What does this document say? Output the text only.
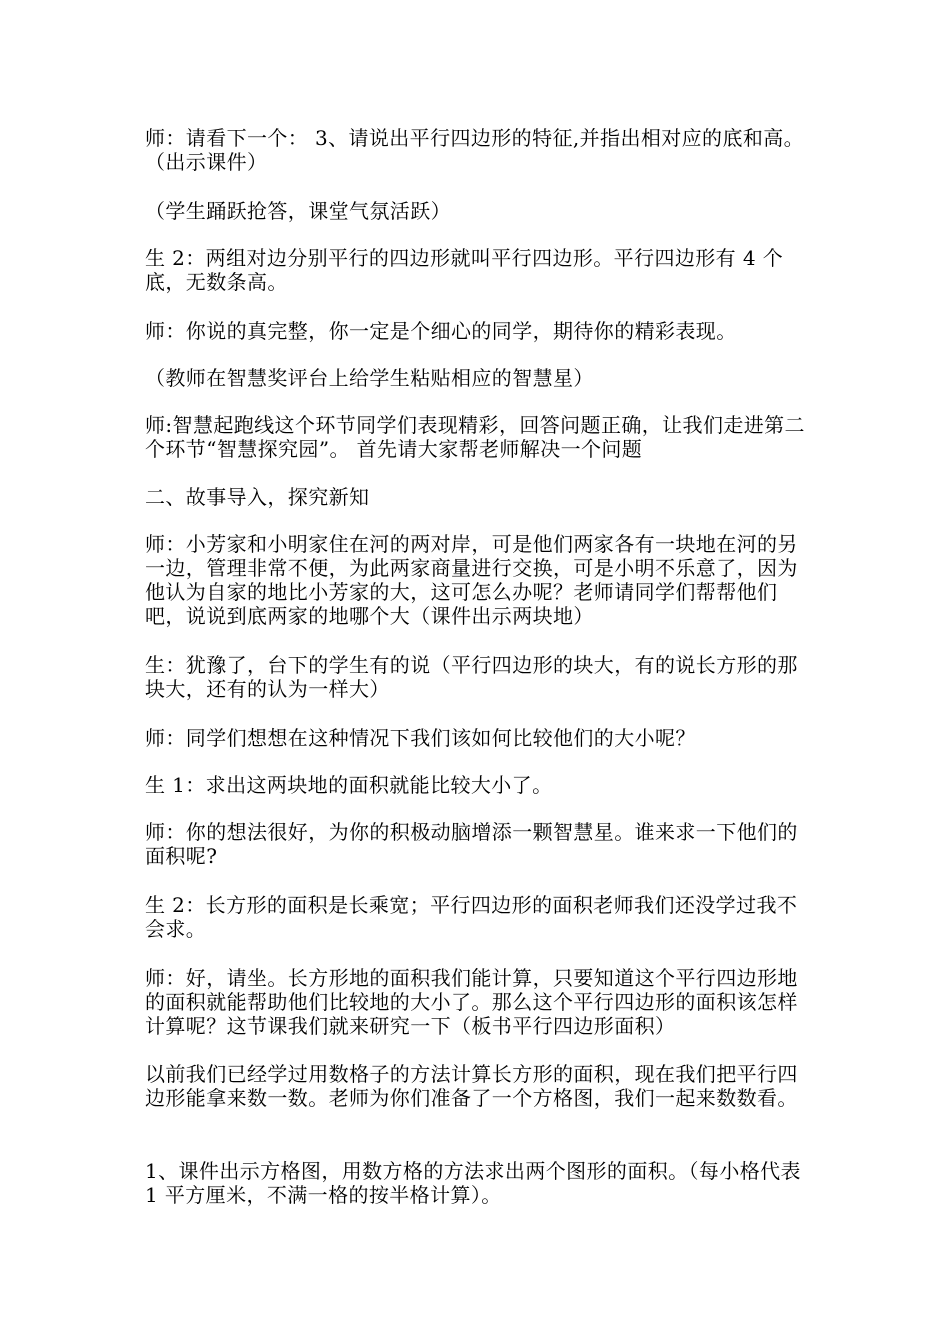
师：请看下一个： 3、请说出平行四边形的特征,并指出相对应的底和高。（出示课件）

（学生踊跃抢答，课堂气氛活跃）

生 2：两组对边分别平行的四边形就叫平行四边形。平行四边形有 4 个底，无数条高。

师：你说的真完整，你一定是个细心的同学，期待你的精彩表现。

（教师在智慧奖评台上给学生粘贴相应的智慧星）

师:智慧起跑线这个环节同学们表现精彩，回答问题正确，让我们走进第二个环节“智慧探究园”。 首先请大家帮老师解决一个问题

二、故事导入，探究新知

师：小芳家和小明家住在河的两对岸，可是他们两家各有一块地在河的另一边，管理非常不便，为此两家商量进行交换，可是小明不乐意了，因为他认为自家的地比小芳家的大，这可怎么办呢？老师请同学们帮帮他们吧，说说到底两家的地哪个大（课件出示两块地）

生：犹豫了，台下的学生有的说（平行四边形的块大，有的说长方形的那块大，还有的认为一样大）

师：同学们想想在这种情况下我们该如何比较他们的大小呢？

生 1：求出这两块地的面积就能比较大小了。

师：你的想法很好，为你的积极动脑增添一颗智慧星。谁来求一下他们的面积呢?

生 2：长方形的面积是长乘宽；平行四边形的面积老师我们还没学过我不会求。

师：好，请坐。长方形地的面积我们能计算，只要知道这个平行四边形地的面积就能帮助他们比较地的大小了。那么这个平行四边形的面积该怎样计算呢？这节课我们就来研究一下（板书平行四边形面积）

以前我们已经学过用数格子的方法计算长方形的面积，现在我们把平行四边形能拿来数一数。老师为你们准备了一个方格图，我们一起来数数看。

1、课件出示方格图，用数方格的方法求出两个图形的面积。（每小格代表 1 平方厘米，不满一格的按半格计算）。
